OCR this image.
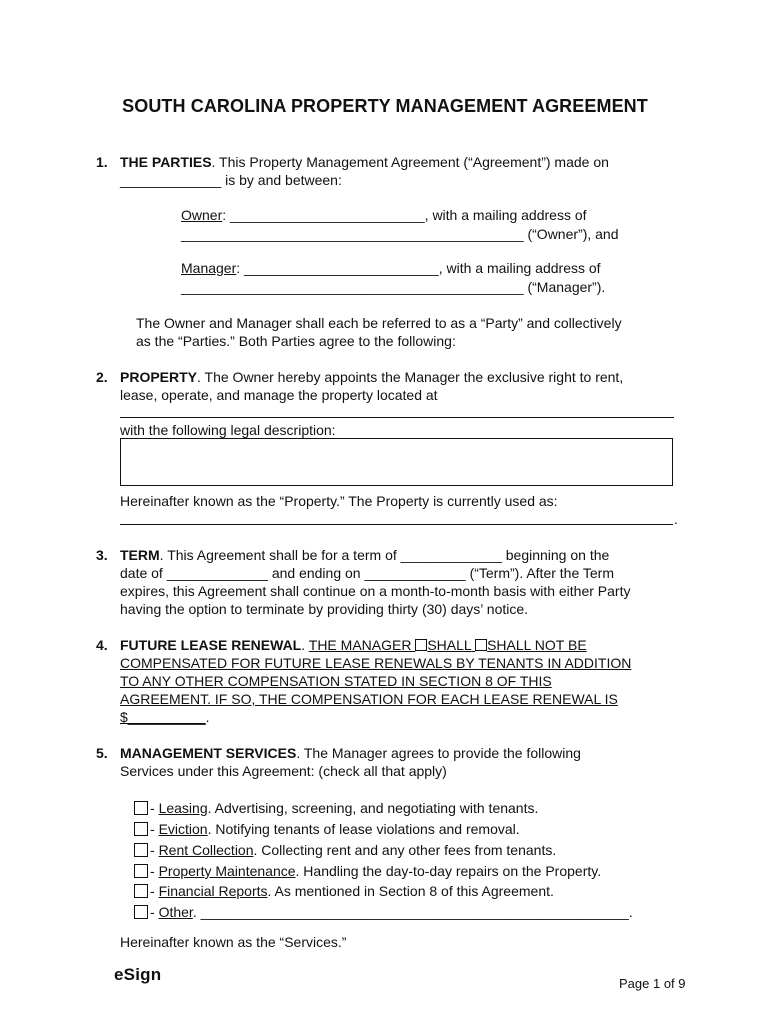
SOUTH CAROLINA PROPERTY MANAGEMENT AGREEMENT
1. THE PARTIES. This Property Management Agreement (“Agreement”) made on
_____________ is by and between:
Owner: _________________________, with a mailing address of
____________________________________________ (“Owner”), and
Manager: _________________________, with a mailing address of
____________________________________________ (“Manager”).
The Owner and Manager shall each be referred to as a “Party” and collectively
as the “Parties.” Both Parties agree to the following:
2. PROPERTY. The Owner hereby appoints the Manager the exclusive right to rent,
lease, operate, and manage the property located at
with the following legal description:
Hereinafter known as the “Property.” The Property is currently used as:
.
3. TERM. This Agreement shall be for a term of _____________ beginning on the
date of _____________ and ending on _____________ (“Term”). After the Term
expires, this Agreement shall continue on a month-to-month basis with either Party
having the option to terminate by providing thirty (30) days’ notice.
4. FUTURE LEASE RENEWAL. THE MANAGER SHALL SHALL NOT BE
COMPENSATED FOR FUTURE LEASE RENEWALS BY TENANTS IN ADDITION
TO ANY OTHER COMPENSATION STATED IN SECTION 8 OF THIS
AGREEMENT. IF SO, THE COMPENSATION FOR EACH LEASE RENEWAL IS
$__________.
5. MANAGEMENT SERVICES. The Manager agrees to provide the following
Services under this Agreement: (check all that apply)
- Leasing. Advertising, screening, and negotiating with tenants.
- Eviction. Notifying tenants of lease violations and removal.
- Rent Collection. Collecting rent and any other fees from tenants.
- Property Maintenance. Handling the day-to-day repairs on the Property.
- Financial Reports. As mentioned in Section 8 of this Agreement.
- Other. _______________________________________________________.
Hereinafter known as the “Services.”
eSign	Page 1 of 9
